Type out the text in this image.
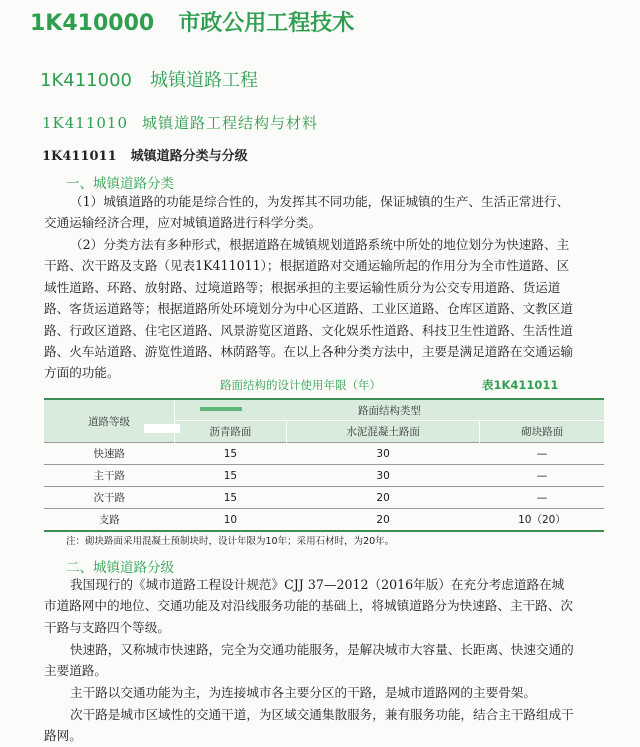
1K410000 市政公用工程技术
1K411000 城镇道路工程
1K411010 城镇道路工程结构与材料
1K411011 城镇道路分类与分级
一、城镇道路分类

（1）城镇道路的功能是综合性的，为发挥其不同功能，保证城镇的生产、生活正常进行、交通运输经济合理，应对城镇道路进行科学分类。

（2）分类方法有多种形式，根据道路在城镇规划道路系统中所处的地位划分为快速路、主干路、次干路及支路（见表1K411011）；根据道路对交通运输所起的作用分为全市性道路、区域性道路、环路、放射路、过境道路等；根据承担的主要运输性质分为公交专用道路、货运道路、客货运道路等；根据道路所处环境划分为中心区道路、工业区道路、仓库区道路、文教区道路、行政区道路、住宅区道路、风景游览区道路、文化娱乐性道路、科技卫生性道路、生活性道路、火车站道路、游览性道路、林荫路等。在以上各种分类方法中，主要是满足道路在交通运输方面的功能。

路面结构的设计使用年限（年）	表1K411011
道路等级	路面结构类型		
	沥青路面	水泥混凝土路面	砌块路面
快速路	15	30	—
主干路	15	30	—
次干路	15	20	—
支路	10	20	10（20）
注：砌块路面采用混凝土预制块时，设计年限为10年；采用石材时，为20年。
二、城镇道路分级

我国现行的《城市道路工程设计规范》CJJ 37—2012（2016年版）在充分考虑道路在城市道路网中的地位、交通功能及对沿线服务功能的基础上，将城镇道路分为快速路、主干路、次干路与支路四个等级。

快速路，又称城市快速路，完全为交通功能服务，是解决城市大容量、长距离、快速交通的主要道路。

主干路以交通功能为主，为连接城市各主要分区的干路，是城市道路网的主要骨架。

次干路是城市区域性的交通干道，为区域交通集散服务，兼有服务功能，结合主干路组成干路网。
